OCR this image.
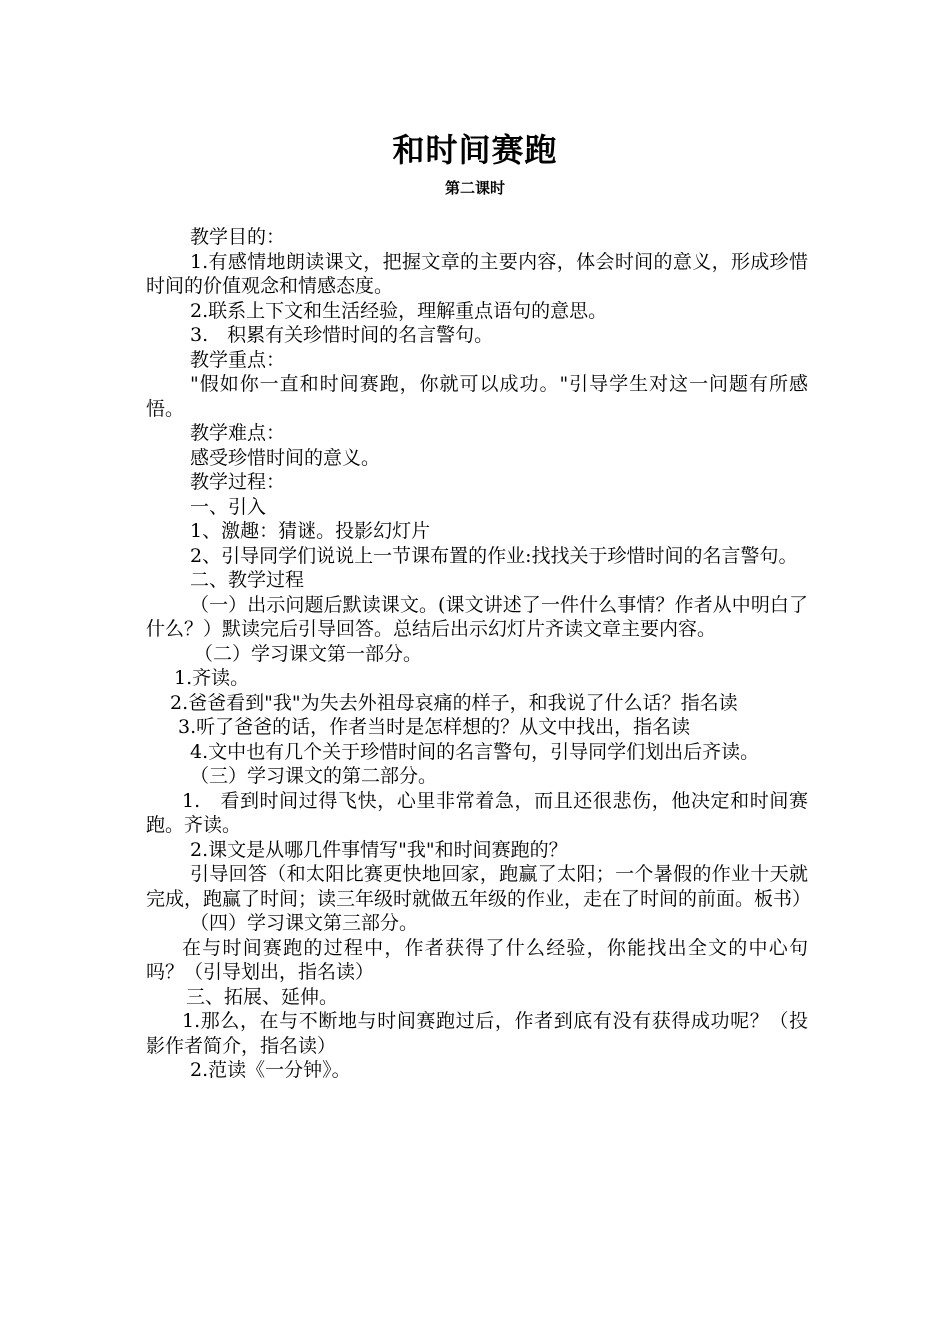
和时间赛跑
第二课时

教学目的：

1.有感情地朗读课文，把握文章的主要内容，体会时间的意义，形成珍惜时间的价值观念和情感态度。

2.联系上下文和生活经验，理解重点语句的意思。

3.　积累有关珍惜时间的名言警句。

教学重点：

"假如你一直和时间赛跑，你就可以成功。"引导学生对这一问题有所感悟。

教学难点：

感受珍惜时间的意义。

教学过程：

一、引入

1、激趣：猜谜。投影幻灯片

2、引导同学们说说上一节课布置的作业:找找关于珍惜时间的名言警句。

二、教学过程

（一）出示问题后默读课文。(课文讲述了一件什么事情？作者从中明白了什么？）默读完后引导回答。总结后出示幻灯片齐读文章主要内容。

（二）学习课文第一部分。

1.齐读。

2.爸爸看到"我"为失去外祖母哀痛的样子，和我说了什么话？指名读

3.听了爸爸的话，作者当时是怎样想的？从文中找出，指名读

4.文中也有几个关于珍惜时间的名言警句，引导同学们划出后齐读。

（三）学习课文的第二部分。

1.　看到时间过得飞快，心里非常着急，而且还很悲伤，他决定和时间赛跑。齐读。

2.课文是从哪几件事情写"我"和时间赛跑的？

引导回答（和太阳比赛更快地回家，跑赢了太阳；一个暑假的作业十天就完成，跑赢了时间；读三年级时就做五年级的作业，走在了时间的前面。板书）

（四）学习课文第三部分。

在与时间赛跑的过程中，作者获得了什么经验，你能找出全文的中心句吗？（引导划出，指名读）

三、拓展、延伸。

1.那么，在与不断地与时间赛跑过后，作者到底有没有获得成功呢？（投影作者简介，指名读）

2.范读《一分钟》。
